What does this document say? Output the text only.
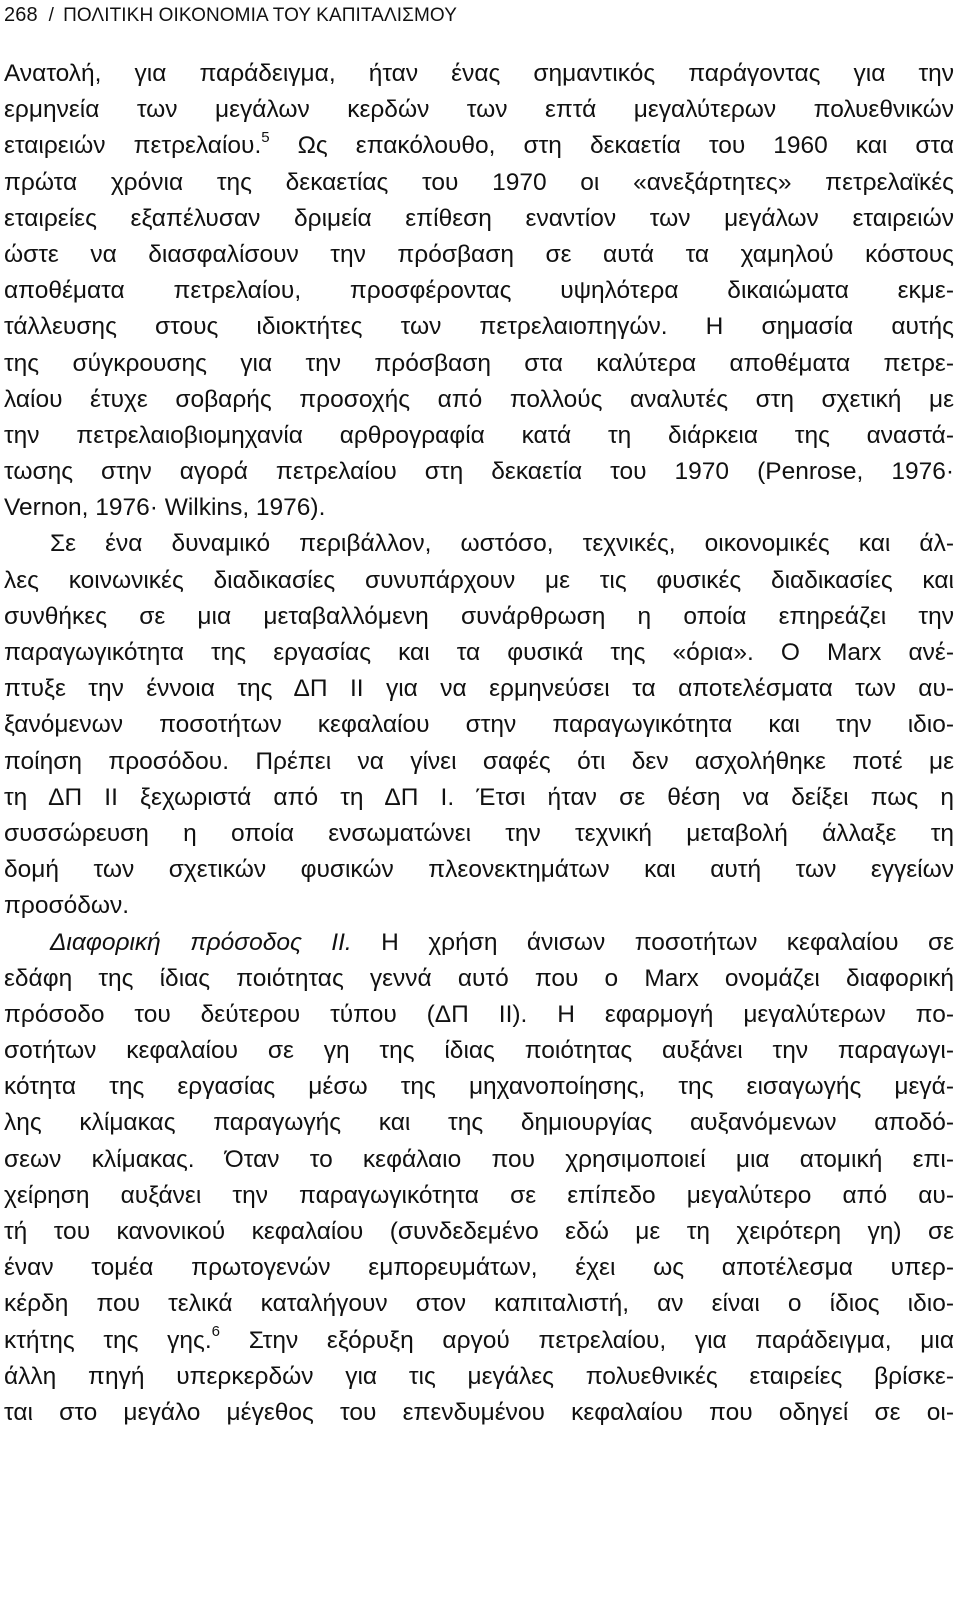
268 / ΠΟΛΙΤΙΚΗ ΟΙΚΟΝΟΜΙΑ ΤΟΥ ΚΑΠΙΤΑΛΙΣΜΟΥ
Ανατολή, για παράδειγμα, ήταν ένας σημαντικός παράγοντας για την
ερμηνεία των μεγάλων κερδών των επτά μεγαλύτερων πολυεθνικών
εταιρειών πετρελαίου.$^5$ Ως επακόλουθο, στη δεκαετία του 1960 και στα
πρώτα χρόνια της δεκαετίας του 1970 οι «ανεξάρτητες» πετρελαϊκές
εταιρείες εξαπέλυσαν δριμεία επίθεση εναντίον των μεγάλων εταιρειών
ώστε να διασφαλίσουν την πρόσβαση σε αυτά τα χαμηλού κόστους
αποθέματα πετρελαίου, προσφέροντας υψηλότερα δικαιώματα εκμε-
τάλλευσης στους ιδιοκτήτες των πετρελαιοπηγών. Η σημασία αυτής
της σύγκρουσης για την πρόσβαση στα καλύτερα αποθέματα πετρε-
λαίου έτυχε σοβαρής προσοχής από πολλούς αναλυτές στη σχετική με
την πετρελαιοβιομηχανία αρθρογραφία κατά τη διάρκεια της αναστά-
τωσης στην αγορά πετρελαίου στη δεκαετία του 1970 (Penrose, 1976·
Vernon, 1976· Wilkins, 1976).
Σε ένα δυναμικό περιβάλλον, ωστόσο, τεχνικές, οικονομικές και άλ-
λες κοινωνικές διαδικασίες συνυπάρχουν με τις φυσικές διαδικασίες και
συνθήκες σε μια μεταβαλλόμενη συνάρθρωση η οποία επηρεάζει την
παραγωγικότητα της εργασίας και τα φυσικά της «όρια». O Marx ανέ-
πτυξε την έννοια της ΔΠ ΙΙ για να ερμηνεύσει τα αποτελέσματα των αυ-
ξανόμενων ποσοτήτων κεφαλαίου στην παραγωγικότητα και την ιδιο-
ποίηση προσόδου. Πρέπει να γίνει σαφές ότι δεν ασχολήθηκε ποτέ με
τη ΔΠ ΙΙ ξεχωριστά από τη ΔΠ Ι. Έτσι ήταν σε θέση να δείξει πως η
συσσώρευση η οποία ενσωματώνει την τεχνική μεταβολή άλλαξε τη
δομή των σχετικών φυσικών πλεονεκτημάτων και αυτή των εγγείων
προσόδων.
Διαφορική πρόσοδος ΙΙ. Η χρήση άνισων ποσοτήτων κεφαλαίου σε
εδάφη της ίδιας ποιότητας γεννά αυτό που ο Marx ονομάζει διαφορική
πρόσοδο του δεύτερου τύπου (ΔΠ ΙΙ). Η εφαρμογή μεγαλύτερων πο-
σοτήτων κεφαλαίου σε γη της ίδιας ποιότητας αυξάνει την παραγωγι-
κότητα της εργασίας μέσω της μηχανοποίησης, της εισαγωγής μεγά-
λης κλίμακας παραγωγής και της δημιουργίας αυξανόμενων αποδό-
σεων κλίμακας. Όταν το κεφάλαιο που χρησιμοποιεί μια ατομική επι-
χείρηση αυξάνει την παραγωγικότητα σε επίπεδο μεγαλύτερο από αυ-
τή του κανονικού κεφαλαίου (συνδεδεμένο εδώ με τη χειρότερη γη) σε
έναν τομέα πρωτογενών εμπορευμάτων, έχει ως αποτέλεσμα υπερ-
κέρδη που τελικά καταλήγουν στον καπιταλιστή, αν είναι ο ίδιος ιδιο-
κτήτης της γης.$^6$ Στην εξόρυξη αργού πετρελαίου, για παράδειγμα, μια
άλλη πηγή υπερκερδών για τις μεγάλες πολυεθνικές εταιρείες βρίσκε-
ται στο μεγάλο μέγεθος του επενδυμένου κεφαλαίου που οδηγεί σε οι-
